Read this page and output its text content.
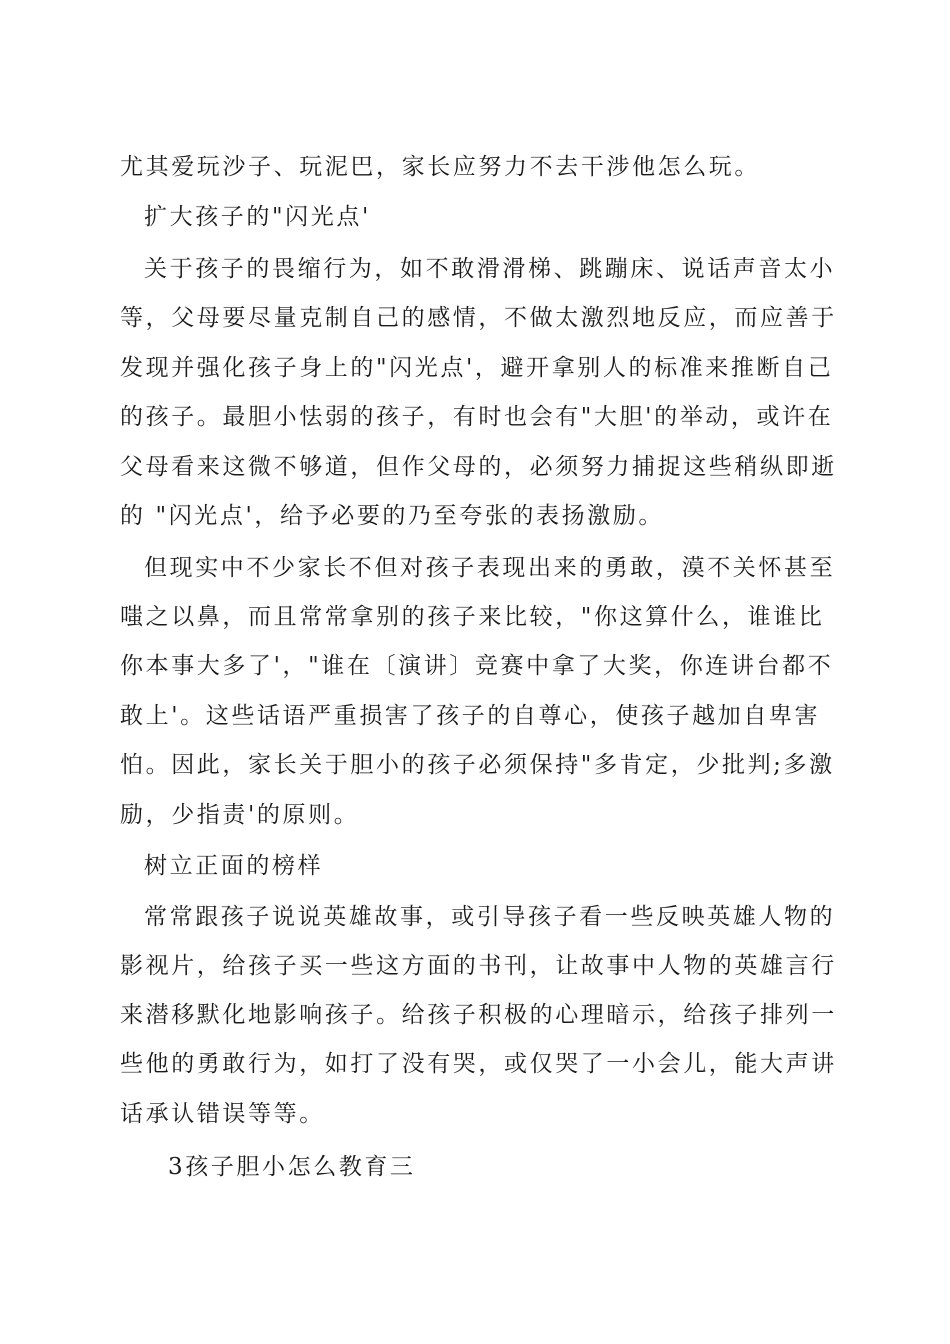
尤其爱玩沙子、玩泥巴，家长应努力不去干涉他怎么玩。
扩大孩子的"闪光点'
关于孩子的畏缩行为，如不敢滑滑梯、跳蹦床、说话声音太小
等，父母要尽量克制自己的感情，不做太激烈地反应，而应善于
发现并强化孩子身上的"闪光点'，避开拿别人的标准来推断自己
的孩子。最胆小怯弱的孩子，有时也会有"大胆'的举动，或许在
父母看来这微不够道，但作父母的，必须努力捕捉这些稍纵即逝
的 "闪光点'，给予必要的乃至夸张的表扬激励。
但现实中不少家长不但对孩子表现出来的勇敢，漠不关怀甚至
嗤之以鼻，而且常常拿别的孩子来比较，"你这算什么，谁谁比
你本事大多了'，"谁在〔演讲〕竞赛中拿了大奖，你连讲台都不
敢上'。这些话语严重损害了孩子的自尊心，使孩子越加自卑害
怕。因此，家长关于胆小的孩子必须保持"多肯定，少批判;多激
励，少指责'的原则。
树立正面的榜样
常常跟孩子说说英雄故事，或引导孩子看一些反映英雄人物的
影视片，给孩子买一些这方面的书刊，让故事中人物的英雄言行
来潜移默化地影响孩子。给孩子积极的心理暗示，给孩子排列一
些他的勇敢行为，如打了没有哭，或仅哭了一小会儿，能大声讲
话承认错误等等。
3孩子胆小怎么教育三
